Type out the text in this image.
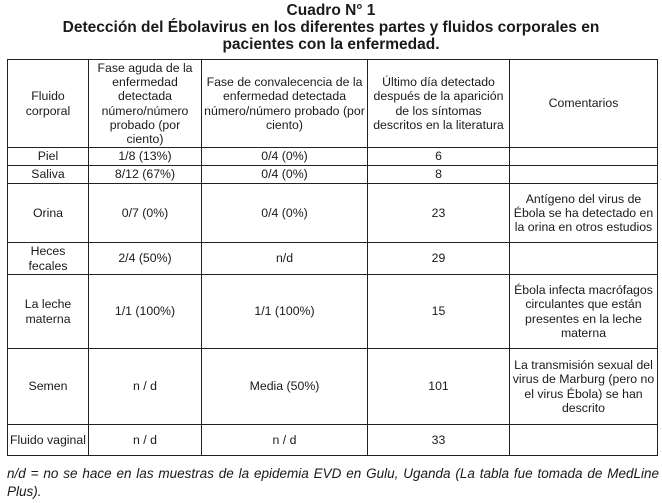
Cuadro N° 1
Detección del Ébolavirus en los diferentes partes y fluidos corporales en
pacientes con la enfermedad.
Fluido corporal	Fase aguda de la enfermedad detectada número/número probado (por ciento)	Fase de convalecencia de la enfermedad detectada número/número probado (por ciento)	Último día detectado después de la aparición de los síntomas descritos en la literatura	Comentarios
Piel	1/8 (13%)	0/4 (0%)	6	
Saliva	8/12 (67%)	0/4 (0%)	8	
Orina	0/7 (0%)	0/4 (0%)	23	Antígeno del virus de Ébola se ha detectado en la orina en otros estudios
Heces fecales	2/4 (50%)	n/d	29	
La leche materna	1/1 (100%)	1/1 (100%)	15	Ébola infecta macrófagos circulantes que están presentes en la leche materna
Semen	n / d	Media (50%)	101	La transmisión sexual del virus de Marburg (pero no el virus Ébola) se han descrito
Fluido vaginal	n / d	n / d	33	
n/d = no se hace en las muestras de la epidemia EVD en Gulu, Uganda (La tabla fue tomada de MedLine Plus).
